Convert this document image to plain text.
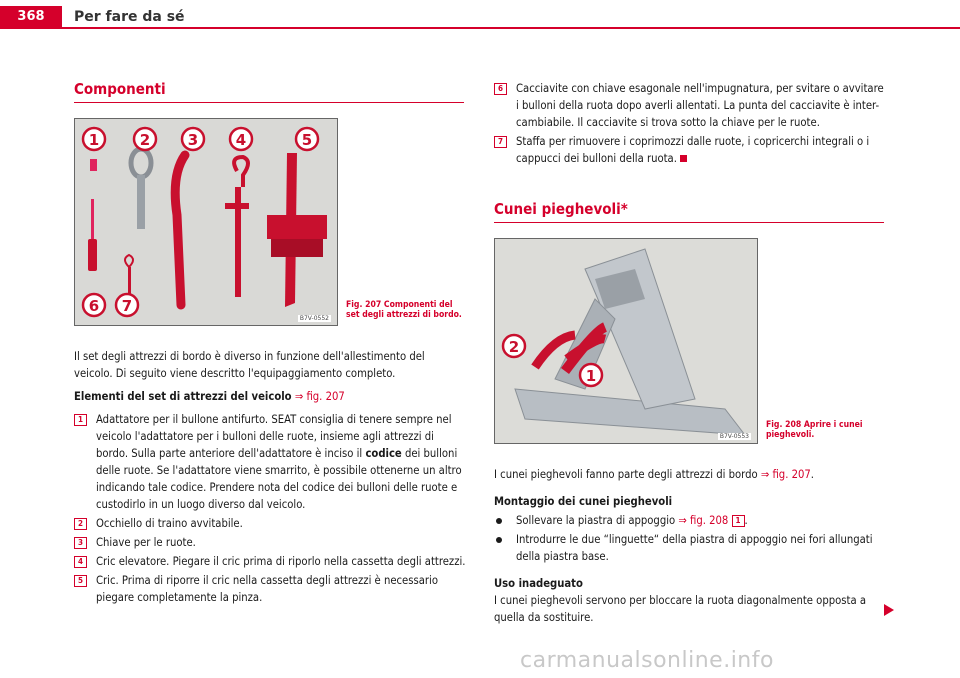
368	Per fare da sé
Componenti
1	2	3	4	5
6 7
B7V-0552
Fig. 207 Componenti del set degli attrezzi di bordo.

Il set degli attrezzi di bordo è diverso in funzione dell'allestimento del veicolo. Di seguito viene descritto l'equipaggiamento completo.

Elementi del set di attrezzi del veicolo ⇒ fig. 207

1	Adattatore per il bullone antifurto. SEAT consiglia di tenere sempre nel veicolo l'adattatore per i bulloni delle ruote, insieme agli attrezzi di bordo. Sulla parte anteriore dell'adattatore è inciso il codice dei bulloni delle ruote. Se l'adattatore viene smarrito, è possibile ottenerne un altro indicando tale codice. Prendere nota del codice dei bulloni delle ruote e custodirlo in un luogo diverso dal veicolo.
2	Occhiello di traino avvitabile.
3	Chiave per le ruote.
4	Cric elevatore. Piegare il cric prima di riporlo nella cassetta degli attrezzi.
5	Cric. Prima di riporre il cric nella cassetta degli attrezzi è necessario piegare completamente la pinza.
6	Cacciavite con chiave esagonale nell'impugnatura, per svitare o avvitare i bulloni della ruota dopo averli allentati. La punta del cacciavite è inter-cambiabile. Il cacciavite si trova sotto la chiave per le ruote.
7	Staffa per rimuovere i coprimozzi dalle ruote, i copricerchi integrali o i cappucci dei bulloni della ruota.
Cunei pieghevoli*
2
1
B7V-0553
Fig. 208 Aprire i cunei pieghevoli.

I cunei pieghevoli fanno parte degli attrezzi di bordo ⇒ fig. 207.

Montaggio dei cunei pieghevoli

Sollevare la piastra di appoggio ⇒ fig. 208 1 .

Introdurre le due “linguette“ della piastra di appoggio nei fori allungati della piastra base.

Uso inadeguato

I cunei pieghevoli servono per bloccare la ruota diagonalmente opposta a quella da sostituire.

carmanualsonline.info
